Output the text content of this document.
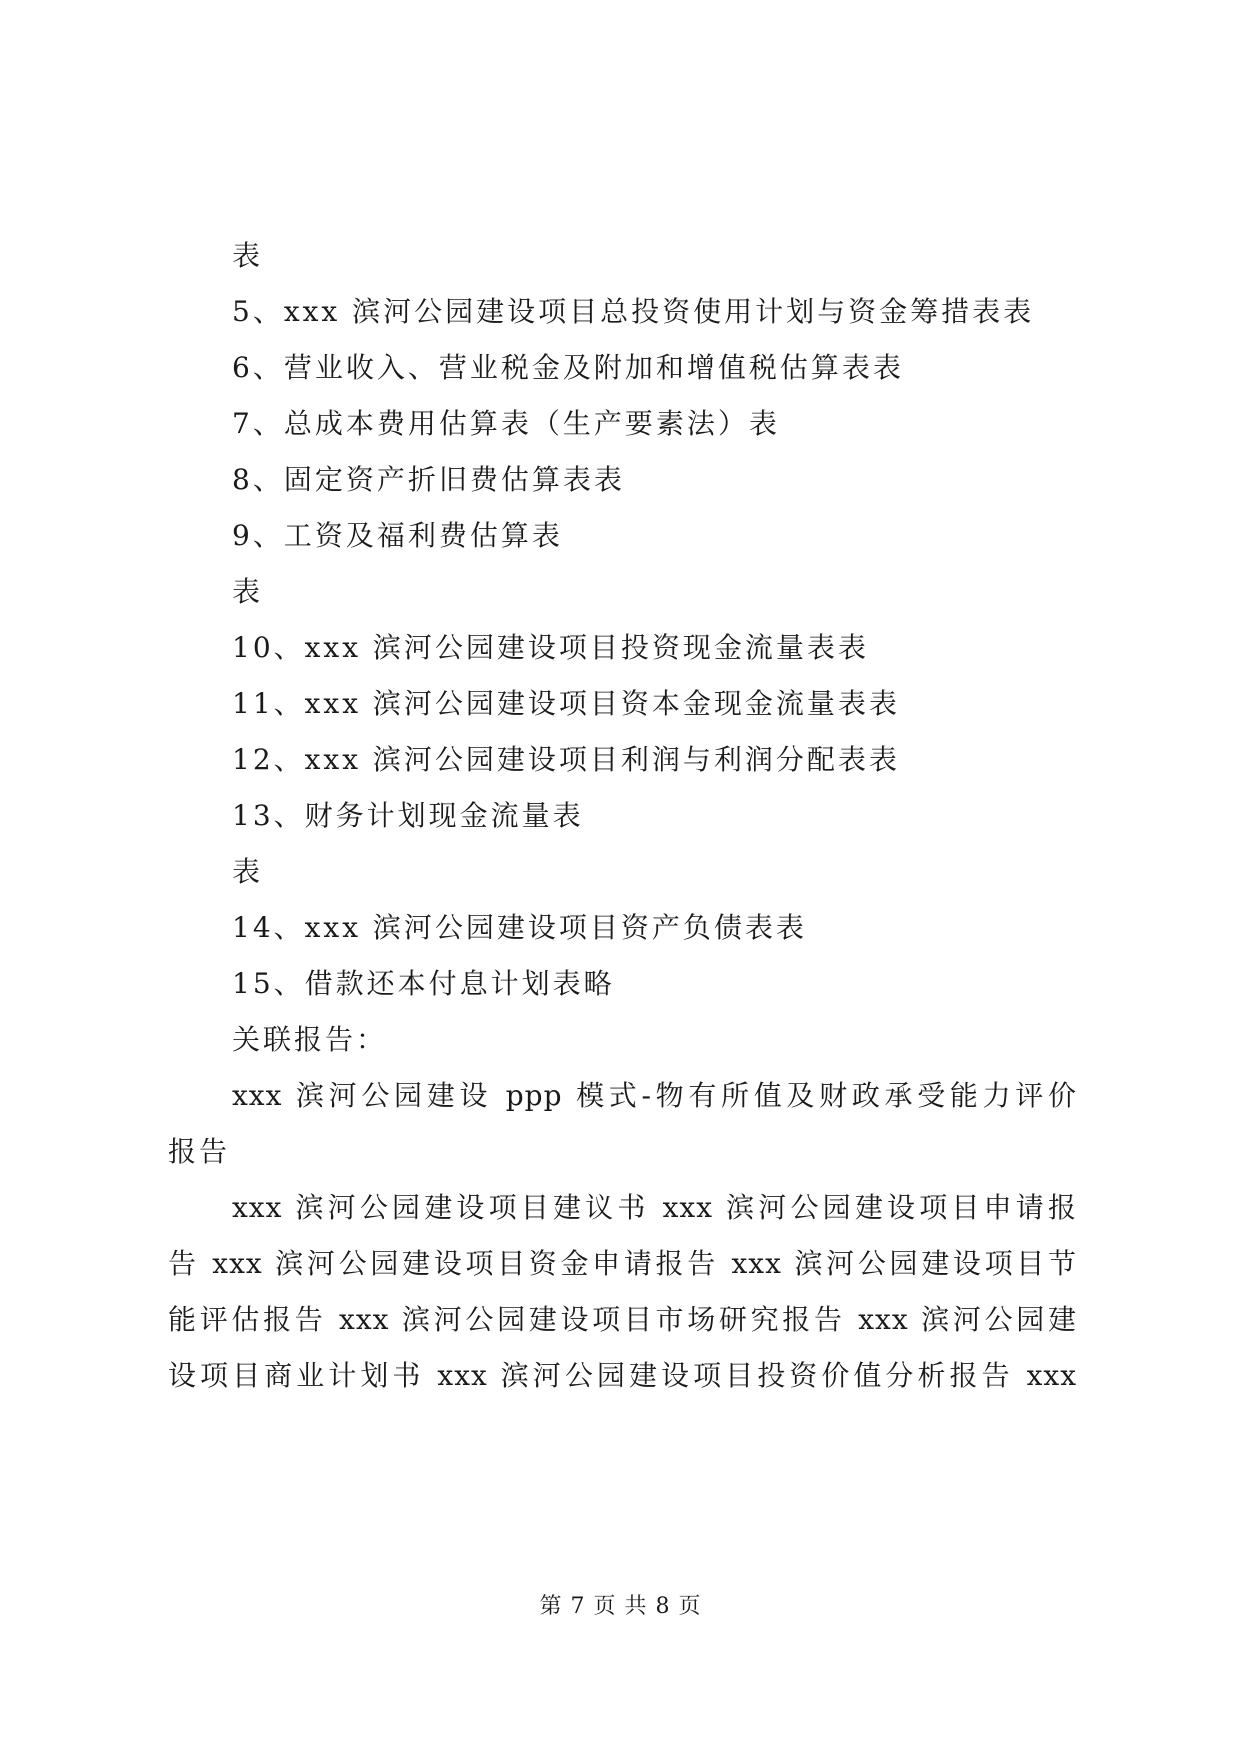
表
5、xxx 滨河公园建设项目总投资使用计划与资金筹措表表
6、营业收入、营业税金及附加和增值税估算表表
7、总成本费用估算表（生产要素法）表
8、固定资产折旧费估算表表
9、工资及福利费估算表
表
10、xxx 滨河公园建设项目投资现金流量表表
11、xxx 滨河公园建设项目资本金现金流量表表
12、xxx 滨河公园建设项目利润与利润分配表表
13、财务计划现金流量表
表
14、xxx 滨河公园建设项目资产负债表表
15、借款还本付息计划表略
关联报告：
xxx 滨河公园建设 ppp 模式-物有所值及财政承受能力评价
报告
xxx 滨河公园建设项目建议书 xxx 滨河公园建设项目申请报
告 xxx 滨河公园建设项目资金申请报告 xxx 滨河公园建设项目节
能评估报告 xxx 滨河公园建设项目市场研究报告 xxx 滨河公园建
设项目商业计划书 xxx 滨河公园建设项目投资价值分析报告 xxx
第 7 页 共 8 页
